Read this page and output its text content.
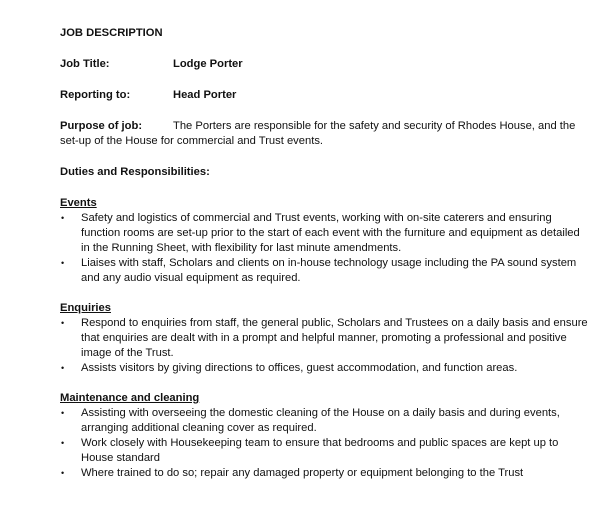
JOB DESCRIPTION
Job Title:	Lodge Porter
Reporting to:	Head Porter
Purpose of job:	The Porters are responsible for the safety and security of Rhodes House, and the set-up of the House for commercial and Trust events.
Duties and Responsibilities:
Events
• Safety and logistics of commercial and Trust events, working with on-site caterers and ensuring function rooms are set-up prior to the start of each event with the furniture and equipment as detailed in the Running Sheet, with flexibility for last minute amendments.
• Liaises with staff, Scholars and clients on in-house technology usage including the PA sound system and any audio visual equipment as required.
Enquiries
• Respond to enquiries from staff, the general public, Scholars and Trustees on a daily basis and ensure that enquiries are dealt with in a prompt and helpful manner, promoting a professional and positive image of the Trust.
• Assists visitors by giving directions to offices, guest accommodation, and function areas.
Maintenance and cleaning
• Assisting with overseeing the domestic cleaning of the House on a daily basis and during events, arranging additional cleaning cover as required.
• Work closely with Housekeeping team to ensure that bedrooms and public spaces are kept up to House standard
• Where trained to do so; repair any damaged property or equipment belonging to the Trust
